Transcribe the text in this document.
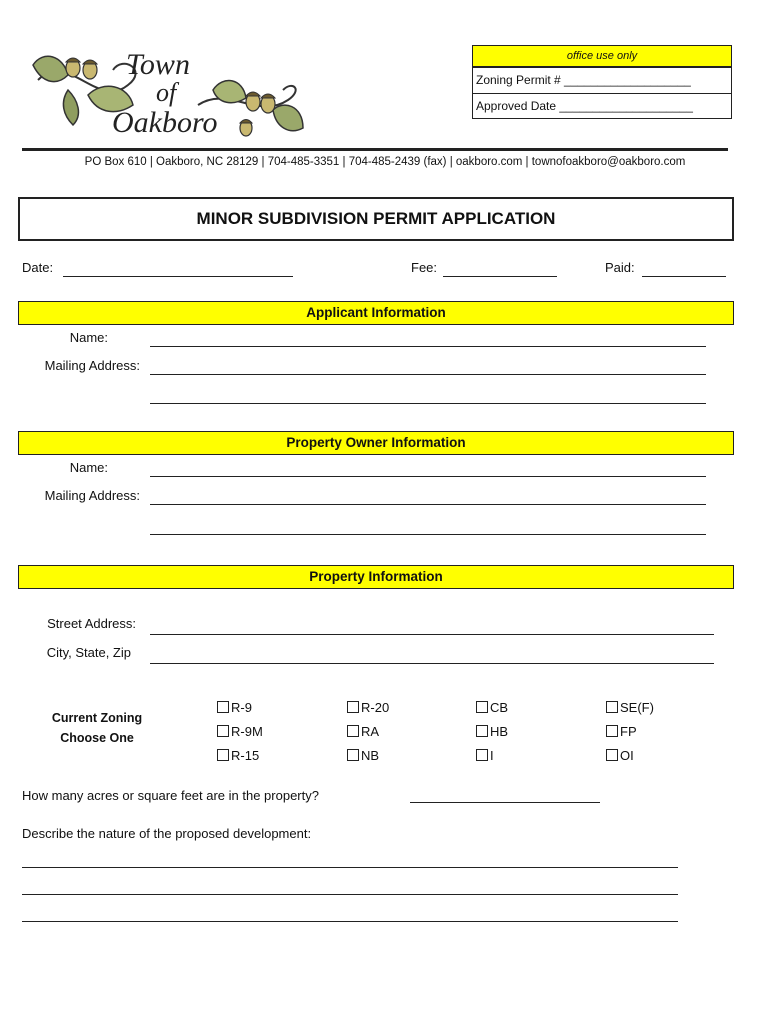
Town
of
Oakboro
office use only
Zoning Permit # ___________________
Approved Date ____________________
PO Box 610 | Oakboro, NC 28129 | 704-485-3351 | 704-485-2439 (fax) | oakboro.com | townofoakboro@oakboro.com
MINOR SUBDIVISION PERMIT APPLICATION
Date:	Fee:	Paid:
Applicant Information
Name:
Mailing Address:
Property Owner Information
Name:
Mailing Address:
Property Information
Street Address:
City, State, Zip
Current Zoning
Choose One
R-9
R-9M
R-15
R-20
RA
NB
CB
HB
I
SE(F)
FP
OI
How many acres or square feet are in the property?
Describe the nature of the proposed development:
